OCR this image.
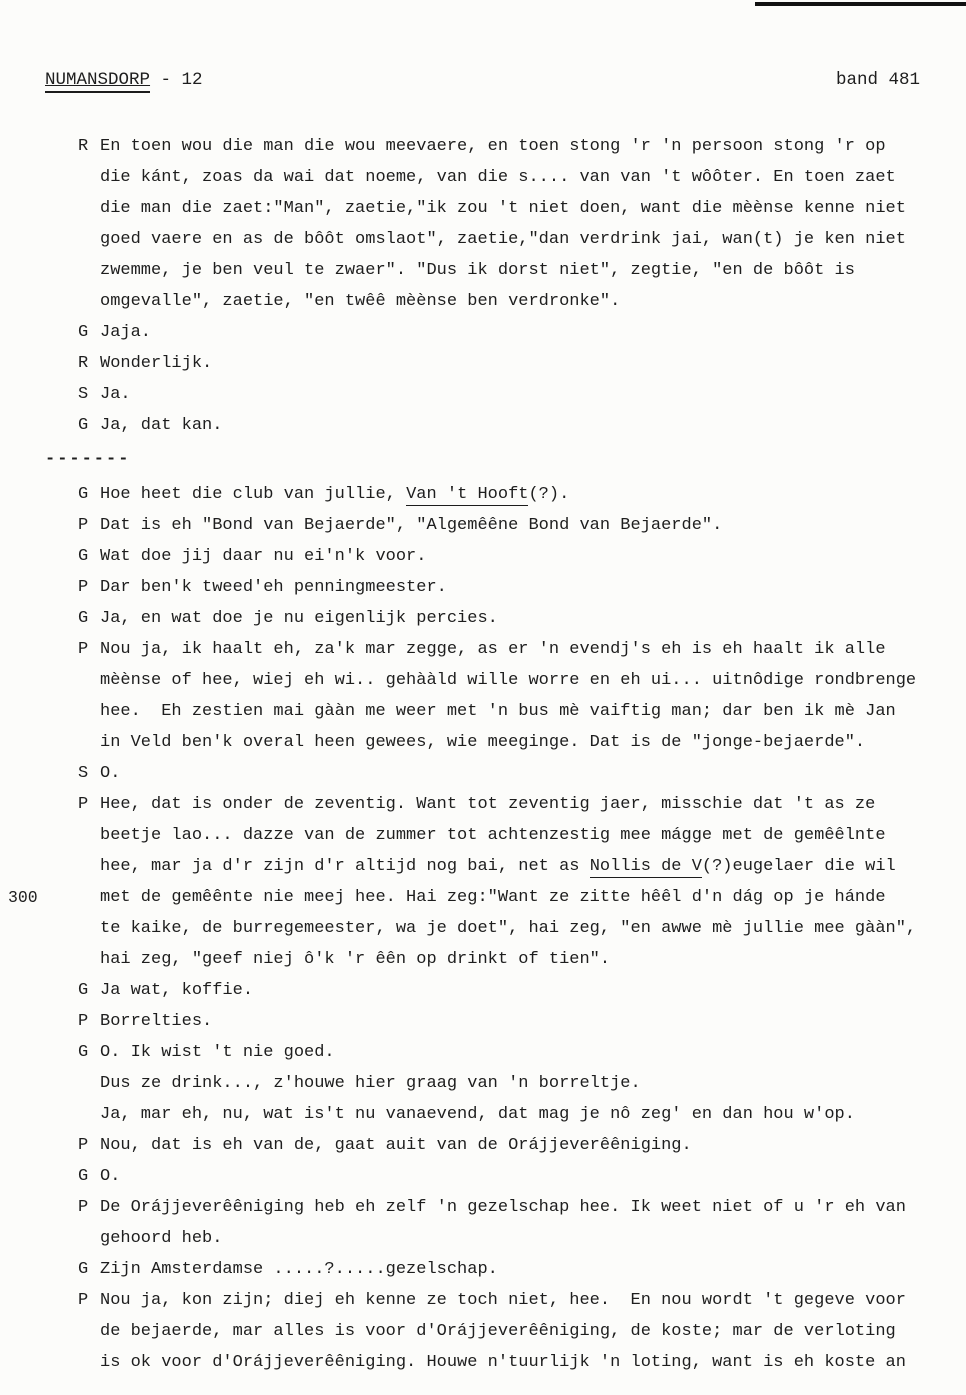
NUMANSDORP - 12	band 481
R En toen wou die man die wou meevaere, en toen stong 'r 'n persoon stong 'r op
die kánt, zoas da wai dat noeme, van die s.... van van 't wôôter. En toen zaet
die man die zaet:"Man", zaetie,"ik zou 't niet doen, want die mèènse kenne niet
goed vaere en as de bôôt omslaot", zaetie,"dan verdrink jai, wan(t) je ken niet
zwemme, je ben veul te zwaer". "Dus ik dorst niet", zegtie, "en de bôôt is
omgevalle", zaetie, "en twêê mèènse ben verdronke".
G Jaja.
R Wonderlijk.
S Ja.
G Ja, dat kan.
-------
G Hoe heet die club van jullie, Van 't Hooft(?).
P Dat is eh "Bond van Bejaerde", "Algemêêne Bond van Bejaerde".
G Wat doe jij daar nu ei'n'k voor.
P Dar ben'k tweed'eh penningmeester.
G Ja, en wat doe je nu eigenlijk percies.
P Nou ja, ik haalt eh, za'k mar zegge, as er 'n evendj's eh is eh haalt ik alle
mèènse of hee, wiej eh wi.. gehààld wille worre en eh ui... uitnôdige rondbrenge
hee.  Eh zestien mai gààn me weer met 'n bus mè vaiftig man; dar ben ik mè Jan
in Veld ben'k overal heen gewees, wie meeginge. Dat is de "jonge-bejaerde".
S O.
P Hee, dat is onder de zeventig. Want tot zeventig jaer, misschie dat 't as ze
beetje lao... dazze van de zummer tot achtenzestig mee mágge met de gemêêlnte
hee, mar ja d'r zijn d'r altijd nog bai, net as Nollis de V(?)eugelaer die wil
300	met de gemêênte nie meej hee. Hai zeg:"Want ze zitte hêêl d'n dág op je hánde
te kaike, de burregemeester, wa je doet", hai zeg, "en awwe mè jullie mee gààn",
hai zeg, "geef niej ô'k 'r êên op drinkt of tien".
G Ja wat, koffie.
P Borrelties.
G O. Ik wist 't nie goed.
Dus ze drink..., z'houwe hier graag van 'n borreltje.
Ja, mar eh, nu, wat is't nu vanaevend, dat mag je nô zeg' en dan hou w'op.
P Nou, dat is eh van de, gaat auit van de Orájjeverêêniging.
G O.
P De Orájjeverêêniging heb eh zelf 'n gezelschap hee. Ik weet niet of u 'r eh van
gehoord heb.
G Zijn Amsterdamse .....?.....gezelschap.
P Nou ja, kon zijn; diej eh kenne ze toch niet, hee.  En nou wordt 't gegeve voor
de bejaerde, mar alles is voor d'Orájjeverêêniging, de koste; mar de verloting
is ok voor d'Orájjeverêêniging. Houwe n'tuurlijk 'n loting, want is eh koste an
